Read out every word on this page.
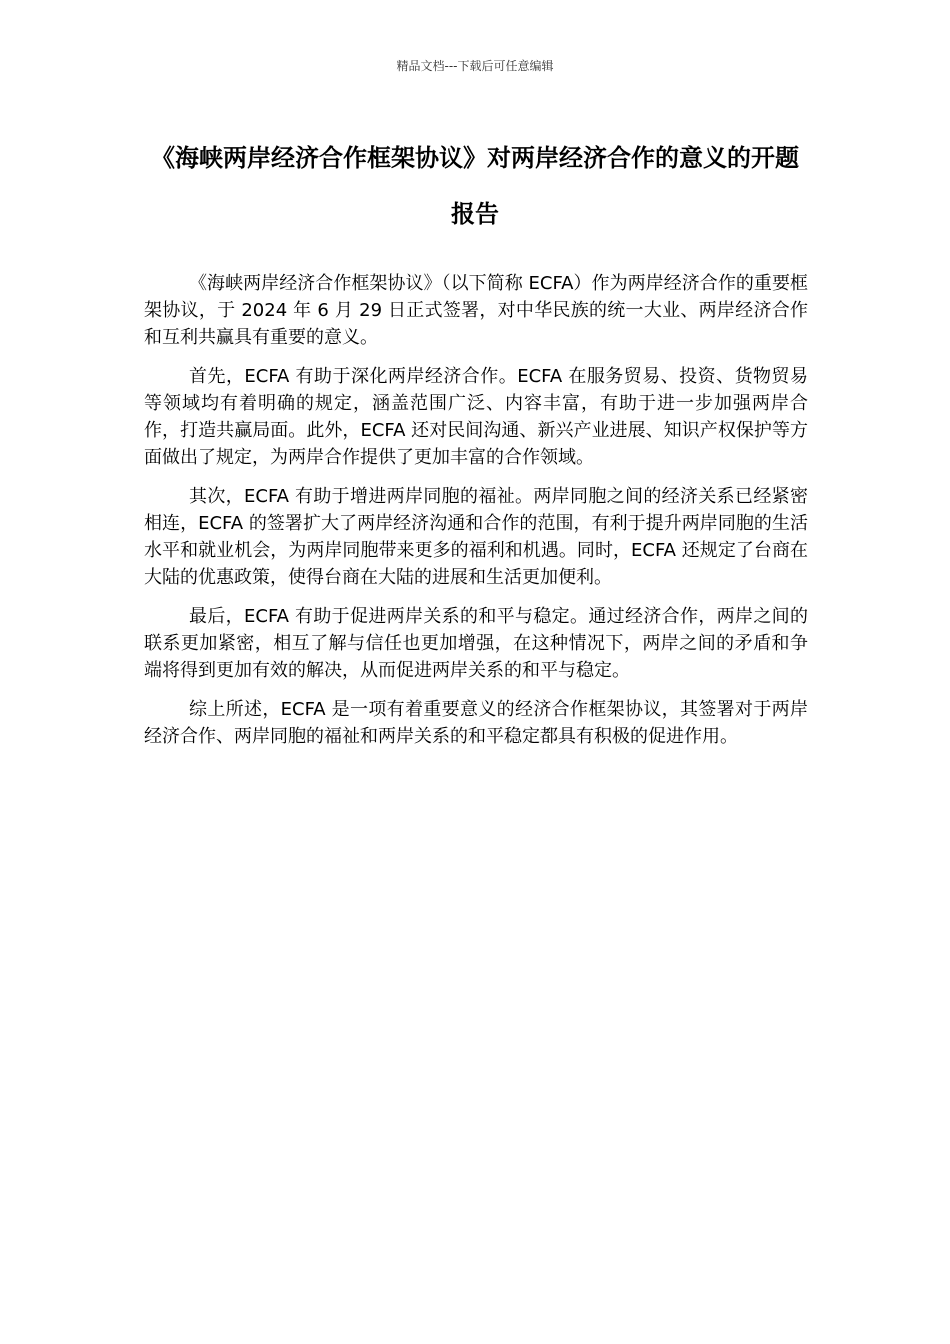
精品文档---下载后可任意编辑
《海峡两岸经济合作框架协议》对两岸经济合作的意义的开题报告

《海峡两岸经济合作框架协议》（以下简称 ECFA）作为两岸经济合作的重要框架协议，于 2024 年 6 月 29 日正式签署，对中华民族的统一大业、两岸经济合作和互利共赢具有重要的意义。

首先，ECFA 有助于深化两岸经济合作。ECFA 在服务贸易、投资、货物贸易等领域均有着明确的规定，涵盖范围广泛、内容丰富，有助于进一步加强两岸合作，打造共赢局面。此外，ECFA 还对民间沟通、新兴产业进展、知识产权保护等方面做出了规定，为两岸合作提供了更加丰富的合作领域。

其次，ECFA 有助于增进两岸同胞的福祉。两岸同胞之间的经济关系已经紧密相连，ECFA 的签署扩大了两岸经济沟通和合作的范围，有利于提升两岸同胞的生活水平和就业机会，为两岸同胞带来更多的福利和机遇。同时，ECFA 还规定了台商在大陆的优惠政策，使得台商在大陆的进展和生活更加便利。

最后，ECFA 有助于促进两岸关系的和平与稳定。通过经济合作，两岸之间的联系更加紧密，相互了解与信任也更加增强，在这种情况下，两岸之间的矛盾和争端将得到更加有效的解决，从而促进两岸关系的和平与稳定。

综上所述，ECFA 是一项有着重要意义的经济合作框架协议，其签署对于两岸经济合作、两岸同胞的福祉和两岸关系的和平稳定都具有积极的促进作用。
